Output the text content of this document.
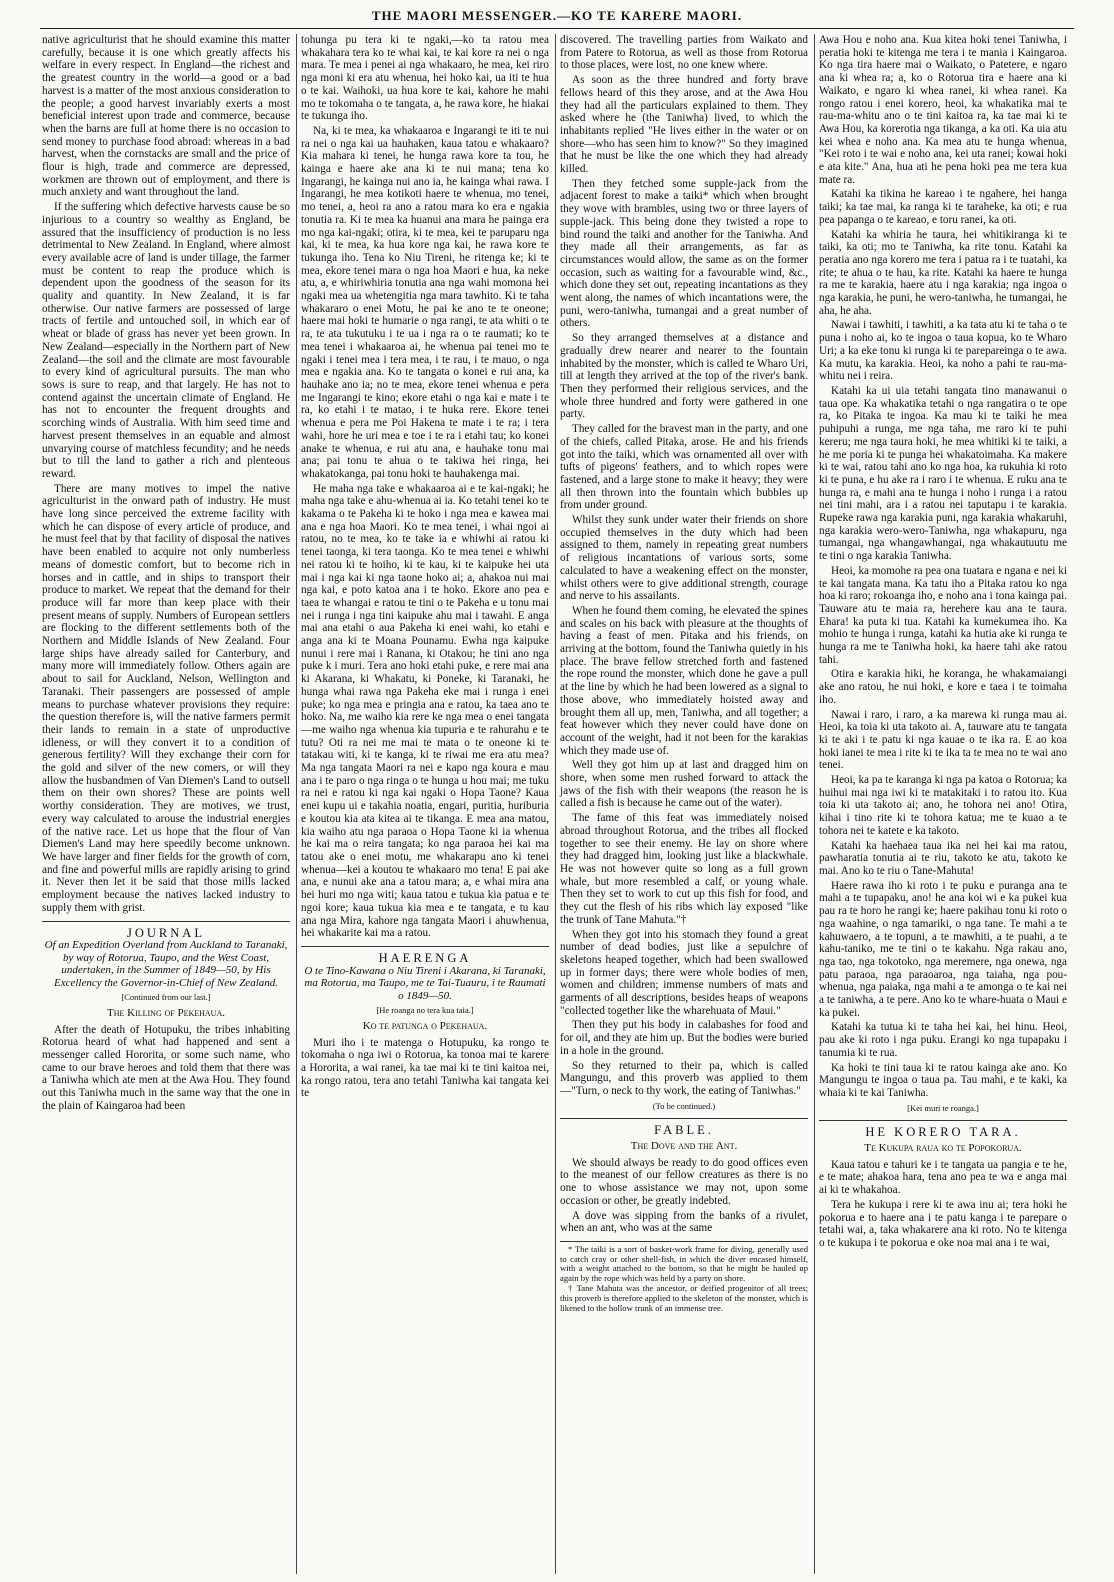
THE MAORI MESSENGER.—KO TE KARERE MAORI.

native agriculturist that he should examine this matter carefully, because it is one which greatly affects his welfare in every respect. In England—the richest and the greatest country in the world—a good or a bad harvest is a matter of the most anxious consideration to the people; a good harvest invariably exerts a most beneficial interest upon trade and commerce, because when the barns are full at home there is no occasion to send money to purchase food abroad: whereas in a bad harvest, when the cornstacks are small and the price of flour is high, trade and commerce are depressed, workmen are thrown out of employment, and there is much anxiety and want throughout the land.

If the suffering which defective harvests cause be so injurious to a country so wealthy as England, be assured that the insufficiency of production is no less detrimental to New Zealand. In England, where almost every available acre of land is under tillage, the farmer must be content to reap the produce which is dependent upon the goodness of the season for its quality and quantity. In New Zealand, it is far otherwise. Our native farmers are possessed of large tracts of fertile and untouched soil, in which ear of wheat or blade of grass has never yet been grown. In New Zealand—especially in the Northern part of New Zealand—the soil and the climate are most favourable to every kind of agricultural pursuits. The man who sows is sure to reap, and that largely. He has not to contend against the uncertain climate of England. He has not to encounter the frequent droughts and scorching winds of Australia. With him seed time and harvest present themselves in an equable and almost unvarying course of matchless fecundity; and he needs but to till the land to gather a rich and plenteous reward.

There are many motives to impel the native agriculturist in the onward path of industry. He must have long since perceived the extreme facility with which he can dispose of every article of produce, and he must feel that by that facility of disposal the natives have been enabled to acquire not only numberless means of domestic comfort, but to become rich in horses and in cattle, and in ships to transport their produce to market. We repeat that the demand for their produce will far more than keep place with their present means of supply. Numbers of European settlers are flocking to the different settlements both of the Northern and Middle Islands of New Zealand. Four large ships have already sailed for Canterbury, and many more will immediately follow. Others again are about to sail for Auckland, Nelson, Wellington and Taranaki. Their passengers are possessed of ample means to purchase whatever provisions they require: the question therefore is, will the native farmers permit their lands to remain in a state of unproductive idleness, or will they convert it to a condition of generous fertility? Will they exchange their corn for the gold and silver of the new comers, or will they allow the husbandmen of Van Diemen's Land to outsell them on their own shores? These are points well worthy consideration. They are motives, we trust, every way calculated to arouse the industrial energies of the native race. Let us hope that the flour of Van Diemen's Land may here speedily become unknown. We have larger and finer fields for the growth of corn, and fine and powerful mills are rapidly arising to grind it. Never then let it be said that those mills lacked employment because the natives lacked industry to supply them with grist.

JOURNAL
Of an Expedition Overland from Auckland to Taranaki, by way of Rotorua, Taupo, and the West Coast, undertaken, in the Summer of 1849—50, by His Excellency the Governor-in-Chief of New Zealand.
[Continued from our last.]
The Killing of Pekehaua.

After the death of Hotupuku, the tribes inhabiting Rotorua heard of what had happened and sent a messenger called Hororita, or some such name, who came to our brave heroes and told them that there was a Taniwha which ate men at the Awa Hou. They found out this Taniwha much in the same way that the one in the plain of Kaingaroa had been

tohunga pu tera ki te ngaki,—ko ta ratou mea whakahara tera ko te whai kai, te kai kore ra nei o nga mara. Te mea i penei ai nga whakaaro, he mea, kei riro nga moni ki era atu whenua, hei hoko kai, ua iti te hua o te kai. Waihoki, ua hua kore te kai, kahore he mahi mo te tokomaha o te tangata, a, he rawa kore, he hiakai te tukunga iho.

Na, ki te mea, ka whakaaroa e Ingarangi te iti te nui ra nei o nga kai ua hauhaken, kaua tatou e whakaaro? Kia mahara ki tenei, he hunga rawa kore ta tou, he kainga e haere ake ana ki te nui mana; tena ko Ingarangi, he kainga nui ano ia, he kainga whai rawa. I Ingarangi, he mea kotikoti haere te whenua, mo tenei, mo tenei, a, heoi ra ano a ratou mara ko era e ngakia tonutia ra. Ki te mea ka huanui ana mara he painga era mo nga kai-ngaki; otira, ki te mea, kei te paruparu nga kai, ki te mea, ka hua kore nga kai, he rawa kore te tukunga iho. Tena ko Niu Tireni, he ritenga ke; ki te mea, ekore tenei mara o nga hoa Maori e hua, ka neke atu, a, e whiriwhiria tonutia ana nga wahi momona hei ngaki mea ua whetengitia nga mara tawhito. Ki te taha whakararo o enei Motu, he pai ke ano te te oneone; haere mai hoki te humarie o nga rangi, te ata whiti o te ra, te ata tukutuku i te ua i nga ra o te raumati; ko te mea tenei i whakaaroa ai, he whenua pai tenei mo te ngaki i tenei mea i tera mea, i te rau, i te mauo, o nga mea e ngakia ana. Ko te tangata o konei e rui ana, ka hauhake ano ia; no te mea, ekore tenei whenua e pera me Ingarangi te kino; ekore etahi o nga kai e mate i te ra, ko etahi i te matao, i te huka rere. Ekore tenei whenua e pera me Poi Hakena te mate i te ra; i tera wahi, hore he uri mea e toe i te ra i etahi tau; ko konei anake te whenua, e rui atu ana, e hauhake tonu mai ana; pai tonu te ahua o te takiwa hei ringa, hei whakatokanga, pai tonu hoki te hauhakenga mai.

He maha nga take e whakaaroa ai e te kai-ngaki; he maha nga take e ahu-whenua ai ia. Ko tetahi tenei ko te kakama o te Pakeha ki te hoko i nga mea e kawea mai ana e nga hoa Maori. Ko te mea tenei, i whai ngoi ai ratou, no te mea, ko te take ia e whiwhi ai ratou ki tenei taonga, ki tera taonga. Ko te mea tenei e whiwhi nei ratou ki te hoiho, ki te kau, ki te kaipuke hei uta mai i nga kai ki nga taone hoko ai; a, ahakoa nui mai nga kai, e poto katoa ana i te hoko. Ekore ano pea e taea te whangai e ratou te tini o te Pakeha e u tonu mai nei i runga i nga tini kaipuke ahu mai i tawahi. E anga mai ana etahi o aua Pakeha ki enei wahi, ko etahi e anga ana ki te Moana Pounamu. Ewha nga kaipuke nunui i rere mai i Ranana, ki Otakou; he tini ano nga puke k i muri. Tera ano hoki etahi puke, e rere mai ana ki Akarana, ki Whakatu, ki Poneke, ki Taranaki, he hunga whai rawa nga Pakeha eke mai i runga i enei puke; ko nga mea e pringia ana e ratou, ka taea ano te hoko. Na, me waiho kia rere ke nga mea o enei tangata —me waiho nga whenua kia tupuria e te rahurahu e te tutu? Oti ra nei me mai te mata o te oneone ki te tatakau witi, ki te kanga, ki te riwai me era atu mea? Ma nga tangata Maori ra nei e kapo nga koura e mau ana i te paro o nga ringa o te hunga u hou mai; me tuku ra nei e ratou ki nga kai ngaki o Hopa Taone? Kaua enei kupu ui e takahia noatia, engari, puritia, huriburia e koutou kia ata kitea ai te tikanga. E mea ana matou, kia waiho atu nga paraoa o Hopa Taone ki ia whenua he kai ma o reira tangata; ko nga paraoa hei kai ma tatou ake o enei motu, me whakarapu ano ki tenei whenua—kei a koutou te whakaaro mo tena! E pai ake ana, e nunui ake ana a tatou mara; a, e whai mira ana hei huri mo nga witi; kaua tatou e tukua kia patua e te ngoi kore; kaua tukua kia mea e te tangata, e tu kau ana nga Mira, kahore nga tangata Maori i ahuwhenua, hei whakarite kai ma a ratou.

HAERENGA
O te Tino-Kawana o Niu Tireni i Akarana, ki Taranaki, ma Rotorua, ma Taupo, me te Tai-Tuauru, i te Raumati o 1849—50.
[He roanga no tera kua taia.]
Ko te patunga o Pekehaua.

Muri iho i te matenga o Hotupuku, ka rongo te tokomaha o nga iwi o Rotorua, ka tonoa mai te karere a Hororita, a wai ranei, ka tae mai ki te tini kaitoa nei, ka rongo ratou, tera ano tetahi Taniwha kai tangata kei te

discovered. The travelling parties from Waikato and from Patere to Rotorua, as well as those from Rotorua to those places, were lost, no one knew where.

As soon as the three hundred and forty brave fellows heard of this they arose, and at the Awa Hou they had all the particulars explained to them. They asked where he (the Taniwha) lived, to which the inhabitants replied "He lives either in the water or on shore—who has seen him to know?" So they imagined that he must be like the one which they had already killed.

Then they fetched some supple-jack from the adjacent forest to make a taiki* which when brought they wove with brambles, using two or three layers of supple-jack. This being done they twisted a rope to bind round the taiki and another for the Taniwha. And they made all their arrangements, as far as circumstances would allow, the same as on the former occasion, such as waiting for a favourable wind, &c., which done they set out, repeating incantations as they went along, the names of which incantations were, the puni, wero-taniwha, tumangai and a great number of others.

So they arranged themselves at a distance and gradually drew nearer and nearer to the fountain inhabited by the monster, which is called te Wharo Uri, till at length they arrived at the top of the river's bank. Then they performed their religious services, and the whole three hundred and forty were gathered in one party.

They called for the bravest man in the party, and one of the chiefs, called Pitaka, arose. He and his friends got into the taiki, which was ornamented all over with tufts of pigeons' feathers, and to which ropes were fastened, and a large stone to make it heavy; they were all then thrown into the fountain which bubbles up from under ground.

Whilst they sunk under water their friends on shore occupied themselves in the duty which had been assigned to them, namely in repeating great numbers of religious incantations of various sorts, some calculated to have a weakening effect on the monster, whilst others were to give additional strength, courage and nerve to his assailants.

When he found them coming, he elevated the spines and scales on his back with pleasure at the thoughts of having a feast of men. Pitaka and his friends, on arriving at the bottom, found the Taniwha quietly in his place. The brave fellow stretched forth and fastened the rope round the monster, which done he gave a pull at the line by which he had been lowered as a signal to those above, who immediately hoisted away and brought them all up, men, Taniwha, and all together; a feat however which they never could have done on account of the weight, had it not been for the karakias which they made use of.

Well they got him up at last and dragged him on shore, when some men rushed forward to attack the jaws of the fish with their weapons (the reason he is called a fish is because he came out of the water).

The fame of this feat was immediately noised abroad throughout Rotorua, and the tribes all flocked together to see their enemy. He lay on shore where they had dragged him, looking just like a blackwhale. He was not however quite so long as a full grown whale, but more resembled a calf, or young whale. Then they set to work to cut up this fish for food, and they cut the flesh of his ribs which lay exposed "like the trunk of Tane Mahuta."†

When they got into his stomach they found a great number of dead bodies, just like a sepulchre of skeletons heaped together, which had been swallowed up in former days; there were whole bodies of men, women and children; immense numbers of mats and garments of all descriptions, besides heaps of weapons "collected together like the wharehuata of Maui."

Then they put his body in calabashes for food and for oil, and they ate him up. But the bodies were buried in a hole in the ground.

So they returned to their pa, which is called Mangungu, and this proverb was applied to them—"Turn, o neck to thy work, the eating of Taniwhas."

(To be continued.)
FABLE.
The Dove and the Ant.

We should always be ready to do good offices even to the meanest of our fellow creatures as there is no one to whose assistance we may not, upon some occasion or other, be greatly indebted.

A dove was sipping from the banks of a rivulet, when an ant, who was at the same

* The taiki is a sort of basket-work frame for diving, generally used to catch cray or other shell-fish, in which the diver encased himself, with a weight attached to the bottom, so that he might be hauled up again by the rope which was held by a party on shore.

† Tane Mahuta was the ancestor, or deified progenitor of all trees; this proverb is therefore applied to the skeleton of the monster, which is likened to the hollow trunk of an immense tree.

Awa Hou e noho ana. Kua kitea hoki tenei Taniwha, i peratia hoki te kitenga me tera i te mania i Kaingaroa. Ko nga tira haere mai o Waikato, o Patetere, e ngaro ana ki whea ra; a, ko o Rotorua tira e haere ana ki Waikato, e ngaro ki whea ranei, ki whea ranei. Ka rongo ratou i enei korero, heoi, ka whakatika mai te rau-ma-whitu ano o te tini kaitoa ra, ka tae mai ki te Awa Hou, ka korerotia nga tikanga, a ka oti. Ka uia atu kei whea e noho ana. Ka mea atu te hunga whenua, "Kei roto i te wai e noho ana, kei uta ranei; kowai hoki e ata kite." Ana, hua ati he pena hoki pea me tera kua mate ra.

Katahi ka tikina he kareao i te ngahere, hei hanga taiki; ka tae mai, ka ranga ki te taraheke, ka oti; e rua pea papanga o te kareao, e toru ranei, ka oti.

Katahi ka whiria he taura, hei whitikiranga ki te taiki, ka oti; mo te Taniwha, ka rite tonu. Katahi ka peratia ano nga korero me tera i patua ra i te tuatahi, ka rite; te ahua o te hau, ka rite. Katahi ka haere te hunga ra me te karakia, haere atu i nga karakia; nga ingoa o nga karakia, he puni, he wero-taniwha, he tumangai, he aha, he aha.

Nawai i tawhiti, i tawhiti, a ka tata atu ki te taha o te puna i noho ai, ko te ingoa o taua kopua, ko te Wharo Uri; a ka eke tonu ki runga ki te parepareinga o te awa. Ka mutu, ka karakia. Heoi, ka noho a pahi te rau-ma-whitu nei i reira.

Katahi ka ui uia tetahi tangata tino manawanui o taua ope. Ka whakatika tetahi o nga rangatira o te ope ra, ko Pitaka te ingoa. Ka mau ki te taiki he mea puhipuhi a runga, me nga taha, me raro ki te puhi kereru; me nga taura hoki, he mea whitiki ki te taiki, a he me poria ki te punga hei whakatoimaha. Ka makere ki te wai, ratou tahi ano ko nga hoa, ka rukuhia ki roto ki te puna, e hu ake ra i raro i te whenua. E ruku ana te hunga ra, e mahi ana te hunga i noho i runga i a ratou nei tini mahi, ara i a ratou nei taputapu i te karakia. Rupeke rawa nga karakia puni, nga karakia whakaruhi, nga karakia wero-wero-Taniwha, nga whakapuru, nga tumangai, nga whangawhangai, nga whakautuutu me te tini o nga karakia Taniwha.

Heoi, ka momohe ra pea ona tuatara e ngana e nei ki te kai tangata mana. Ka tatu iho a Pitaka ratou ko nga hoa ki raro; rokoanga iho, e noho ana i tona kainga pai. Tauware atu te maia ra, herehere kau ana te taura. Ehara! ka puta ki tua. Katahi ka kumekumea iho. Ka mohio te hunga i runga, katahi ka hutia ake ki runga te hunga ra me te Taniwha hoki, ka haere tahi ake ratou tahi.

Otira e karakia hiki, he koranga, he whakamaiangi ake ano ratou, he nui hoki, e kore e taea i te toimaha iho.

Nawai i raro, i raro, a ka marewa ki runga mau ai. Heoi, ka toia ki uta takoto ai. A, tauware atu te tangata ki te aki i te patu ki nga kauae o te ika ra. E ao koa hoki ianei te mea i rite ki te ika ta te mea no te wai ano tenei.

Heoi, ka pa te karanga ki nga pa katoa o Rotorua; ka huihui mai nga iwi ki te matakitaki i to ratou ito. Kua toia ki uta takoto ai; ano, he tohora nei ano! Otira, kihai i tino rite ki te tohora katua; me te kuao a te tohora nei te katete e ka takoto.

Katahi ka haehaea taua ika nei hei kai ma ratou, pawharatia tonutia ai te riu, takoto ke atu, takoto ke mai. Ano ko te riu o Tane-Mahuta!

Haere rawa iho ki roto i te puku e puranga ana te mahi a te tupapaku, ano! he ana koi wi e ka pukei kua pau ra te horo he rangi ke; haere pakihau tonu ki roto o nga waahine, o nga tamariki, o nga tane. Te mahi a te kahuwaero, a te topuni, a te mawhiti, a te puahi, a te kahu-taniko, me te tini o te kakahu. Nga rakau ano, nga tao, nga tokotoko, nga meremere, nga onewa, nga patu paraoa, nga paraoaroa, nga taiaha, nga pou-whenua, nga paiaka, nga mahi a te amonga o te kai nei a te taniwha, a te pere. Ano ko te whare-huata o Maui e ka pukei.

Katahi ka tutua ki te taha hei kai, hei hinu. Heoi, pau ake ki roto i nga puku. Erangi ko nga tupapaku i tanumia ki te rua.

Ka hoki te tini taua ki te ratou kainga ake ano. Ko Mangungu te ingoa o taua pa. Tau mahi, e te kaki, ka whaia ki te kai Taniwha.

[Kei muri te roanga.]
HE KORERO TARA.
Te Kukupa raua ko te Popokorua.

Kaua tatou e tahuri ke i te tangata ua pangia e te he, e te mate; ahakoa hara, tena ano pea te wa e anga mai ai ki te whakahoa.

Tera he kukupa i rere ki te awa inu ai; tera hoki he pokorua e to haere ana i te patu kanga i te parepare o tetahi wai, a, taka whakarere ana ki roto. No te kitenga o te kukupa i te pokorua e oke noa mai ana i te wai,
